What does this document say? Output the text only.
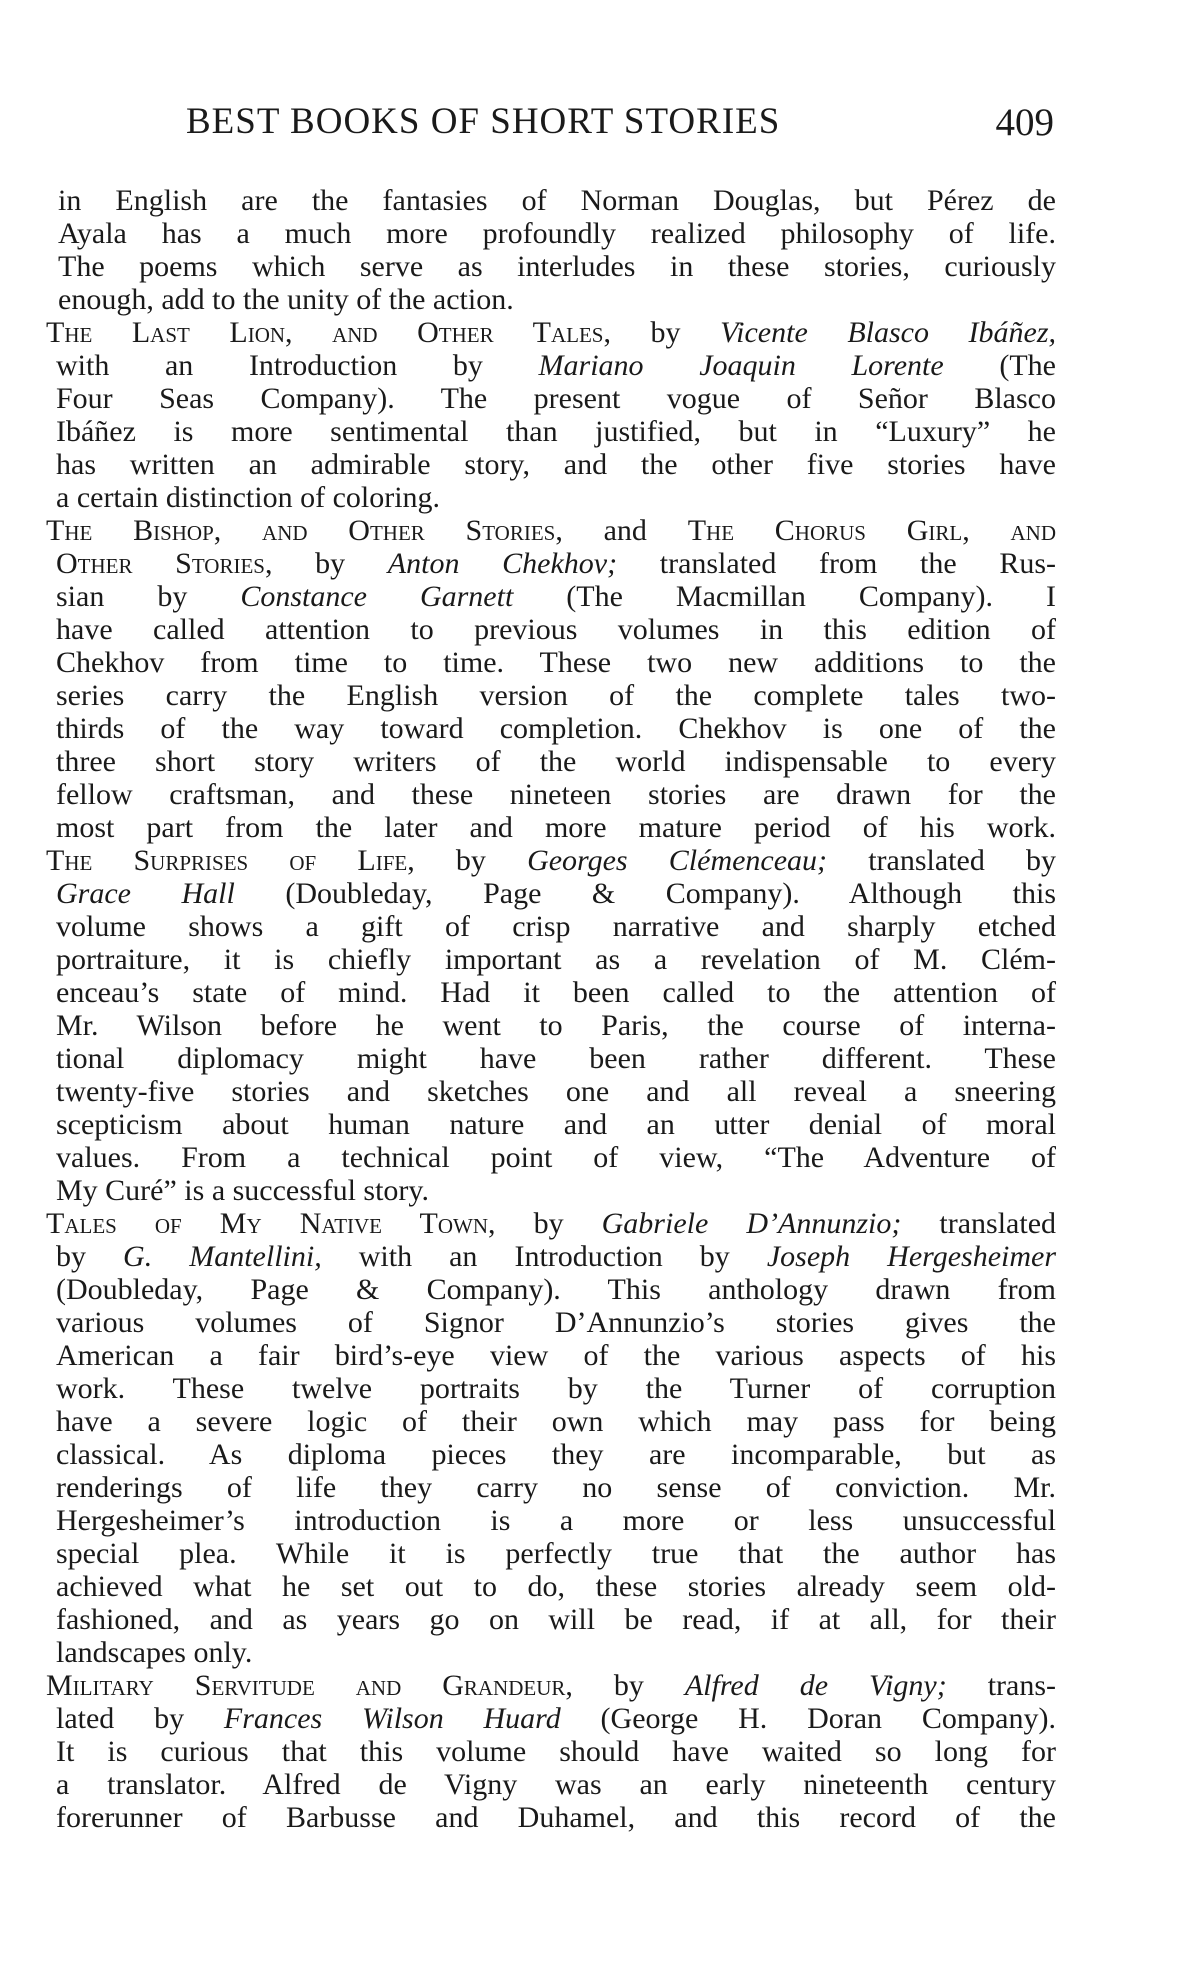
BEST BOOKS OF SHORT STORIES	409
in English are the fantasies of Norman Douglas, but Pérez de
Ayala has a much more profoundly realized philosophy of life.
The poems which serve as interludes in these stories, curiously
enough, add to the unity of the action.
The Last Lion, and Other Tales, by Vicente Blasco Ibáñez,
with an Introduction by Mariano Joaquin Lorente (The
Four Seas Company). The present vogue of Señor Blasco
Ibáñez is more sentimental than justified, but in “Luxury” he
has written an admirable story, and the other five stories have
a certain distinction of coloring.
The Bishop, and Other Stories, and The Chorus Girl, and
Other Stories, by Anton Chekhov; translated from the Rus-
sian by Constance Garnett (The Macmillan Company). I
have called attention to previous volumes in this edition of
Chekhov from time to time. These two new additions to the
series carry the English version of the complete tales two-
thirds of the way toward completion. Chekhov is one of the
three short story writers of the world indispensable to every
fellow craftsman, and these nineteen stories are drawn for the
most part from the later and more mature period of his work.
The Surprises of Life, by Georges Clémenceau; translated by
Grace Hall (Doubleday, Page & Company). Although this
volume shows a gift of crisp narrative and sharply etched
portraiture, it is chiefly important as a revelation of M. Clém-
enceau’s state of mind. Had it been called to the attention of
Mr. Wilson before he went to Paris, the course of interna-
tional diplomacy might have been rather different. These
twenty-five stories and sketches one and all reveal a sneering
scepticism about human nature and an utter denial of moral
values. From a technical point of view, “The Adventure of
My Curé” is a successful story.
Tales of My Native Town, by Gabriele D’Annunzio; translated
by G. Mantellini, with an Introduction by Joseph Hergesheimer
(Doubleday, Page & Company). This anthology drawn from
various volumes of Signor D’Annunzio’s stories gives the
American a fair bird’s-eye view of the various aspects of his
work. These twelve portraits by the Turner of corruption
have a severe logic of their own which may pass for being
classical. As diploma pieces they are incomparable, but as
renderings of life they carry no sense of conviction. Mr.
Hergesheimer’s introduction is a more or less unsuccessful
special plea. While it is perfectly true that the author has
achieved what he set out to do, these stories already seem old-
fashioned, and as years go on will be read, if at all, for their
landscapes only.
Military Servitude and Grandeur, by Alfred de Vigny; trans-
lated by Frances Wilson Huard (George H. Doran Company).
It is curious that this volume should have waited so long for
a translator. Alfred de Vigny was an early nineteenth century
forerunner of Barbusse and Duhamel, and this record of the
